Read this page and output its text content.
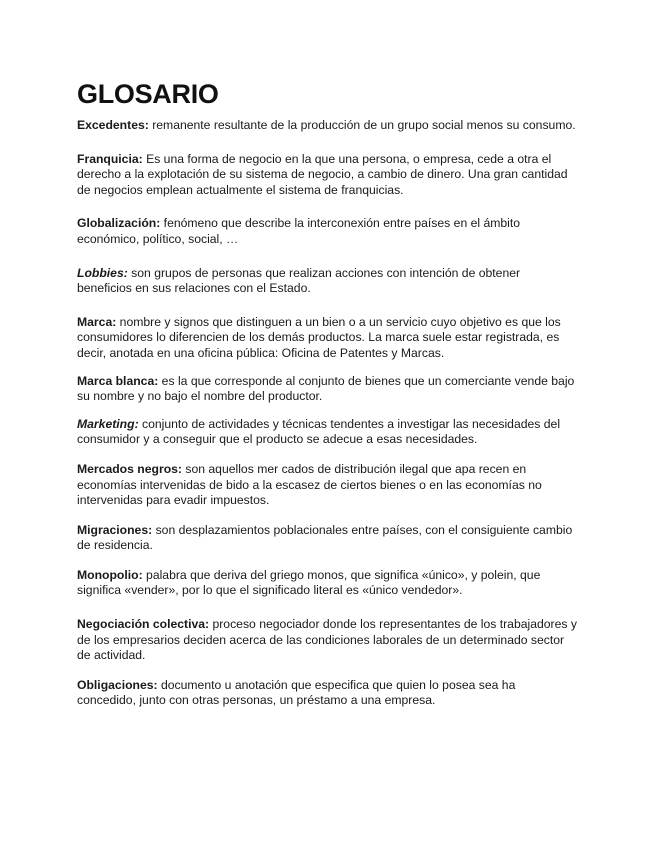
GLOSARIO

Excedentes: remanente resultante de la producción de un grupo social menos su consumo.

Franquicia: Es una forma de negocio en la que una persona, o empresa, cede a otra el derecho a la explotación de su sistema de negocio, a cambio de dinero. Una gran cantidad de negocios emplean actualmente el sistema de franquicias.

Globalización: fenómeno que describe la interconexión entre países en el ámbito económico, político, social, …

Lobbies: son grupos de personas que realizan acciones con intención de obtener beneficios en sus relaciones con el Estado.

Marca: nombre y signos que distinguen a un bien o a un servicio cuyo objetivo es que los consumidores lo diferencien de los demás productos. La marca suele estar registrada, es decir, anotada en una oficina pública: Oficina de Patentes y Marcas.

Marca blanca: es la que corresponde al conjunto de bienes que un comerciante vende bajo su nombre y no bajo el nombre del productor.

Marketing: conjunto de actividades y técnicas tendentes a investigar las necesidades del consumidor y a conseguir que el producto se adecue a esas necesidades.

Mercados negros: son aquellos mer cados de distribución ilegal que apa recen en economías intervenidas de bido a la escasez de ciertos bienes o en las economías no intervenidas para evadir impuestos.

Migraciones: son desplazamientos poblacionales entre países, con el consiguiente cambio de residencia.

Monopolio: palabra que deriva del griego monos, que significa «único», y polein, que significa «vender», por lo que el significado literal es «único vendedor».

Negociación colectiva: proceso negociador donde los representantes de los trabajadores y de los empresarios deciden acerca de las condiciones laborales de un determinado sector de actividad.

Obligaciones: documento u anotación que especifica que quien lo posea sea ha concedido, junto con otras personas, un préstamo a una empresa.
